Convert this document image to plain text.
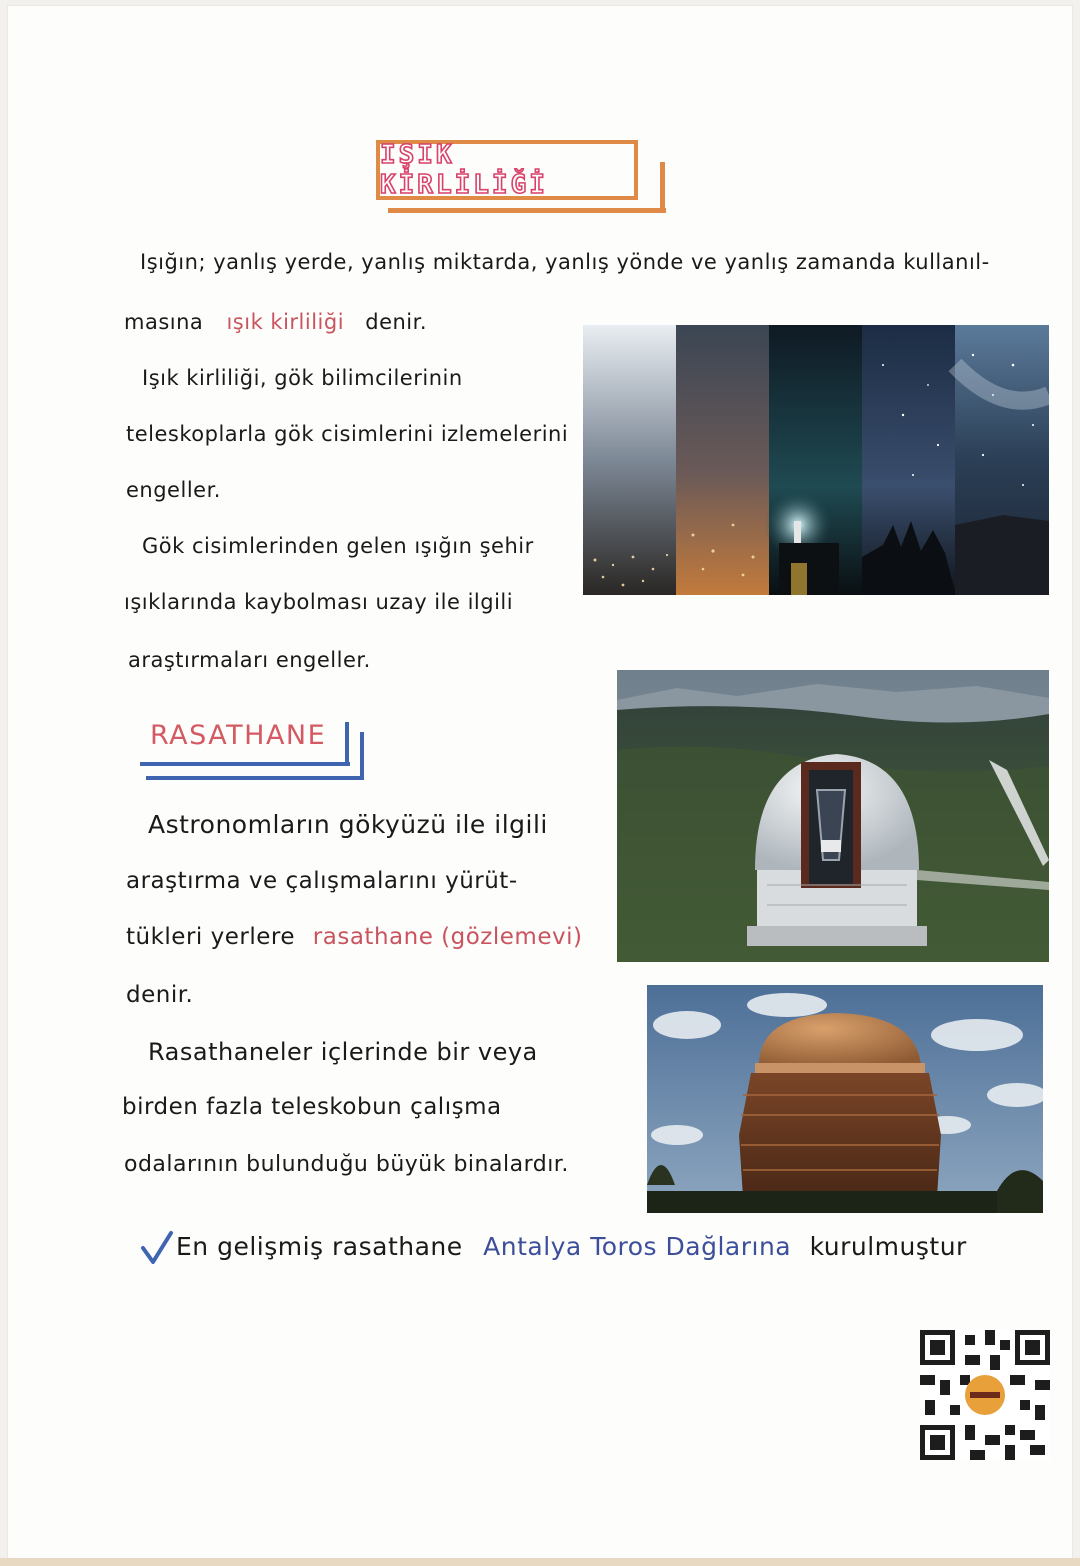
IŞIK KİRLİLİĞİ
Işığın; yanlış yerde, yanlış miktarda, yanlış yönde ve yanlış zamanda kullanıl-
masına ışık kirliliği denir.
Işık kirliliği, gök bilimcilerinin
teleskoplarla gök cisimlerini izlemelerini
engeller.
Gök cisimlerinden gelen ışığın şehir
ışıklarında kaybolması uzay ile ilgili
araştırmaları engeller.
RASATHANE
Astronomların gökyüzü ile ilgili
araştırma ve çalışmalarını yürüt-
tükleri yerlere rasathane (gözlemevi)
denir.
Rasathaneler içlerinde bir veya
birden fazla teleskobun çalışma
odalarının bulunduğu büyük binalardır.
En gelişmiş rasathane Antalya Toros Dağlarına kurulmuştur
